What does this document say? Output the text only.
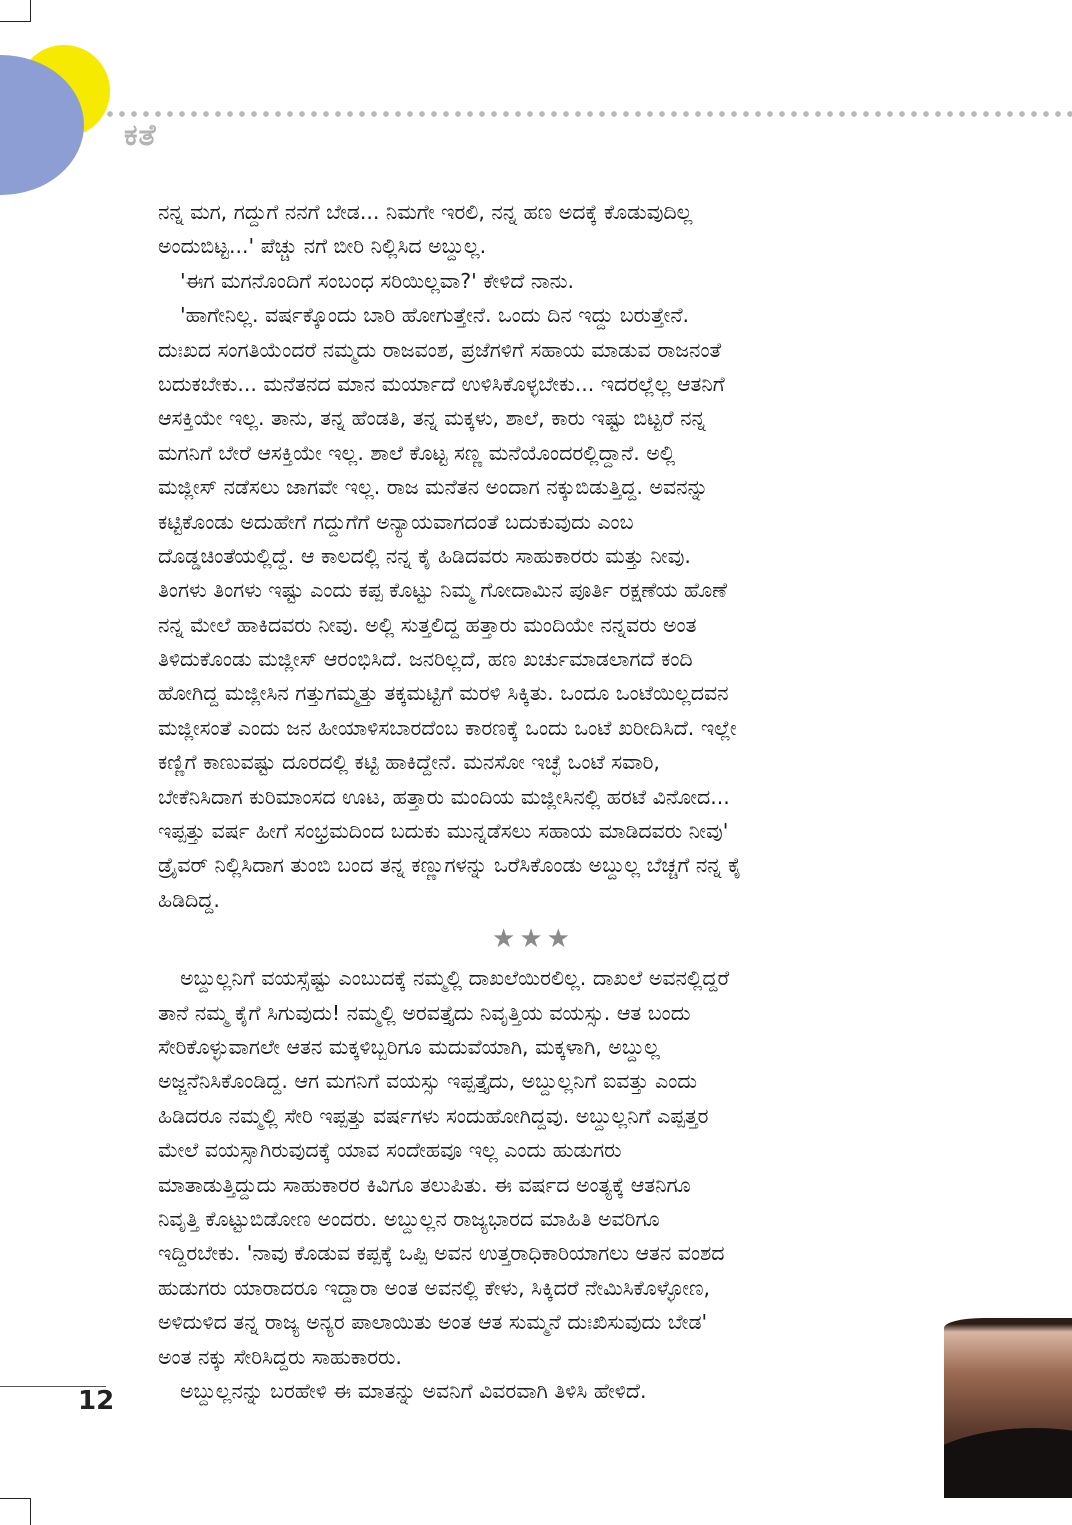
ಕತೆ
ನನ್ನ ಮಗ, ಗದ್ದುಗೆ ನನಗೆ ಬೇಡ... ನಿಮಗೇ ಇರಲಿ, ನನ್ನ ಹಣ ಅದಕ್ಕೆ ಕೊಡುವುದಿಲ್ಲ
ಅಂದುಬಿಟ್ಟ...' ಪೆಚ್ಚು ನಗೆ ಬೀರಿ ನಿಲ್ಲಿಸಿದ ಅಬ್ದುಲ್ಲ.
'ಈಗ ಮಗನೊಂದಿಗೆ ಸಂಬಂಧ ಸರಿಯಿಲ್ಲವಾ?' ಕೇಳಿದೆ ನಾನು.
'ಹಾಗೇನಿಲ್ಲ. ವರ್ಷಕ್ಕೊಂದು ಬಾರಿ ಹೋಗುತ್ತೇನೆ. ಒಂದು ದಿನ ಇದ್ದು ಬರುತ್ತೇನೆ.
ದುಃಖದ ಸಂಗತಿಯೆಂದರೆ ನಮ್ಮದು ರಾಜವಂಶ, ಪ್ರಜೆಗಳಿಗೆ ಸಹಾಯ ಮಾಡುವ ರಾಜನಂತೆ
ಬದುಕಬೇಕು... ಮನೆತನದ ಮಾನ ಮರ್ಯಾದೆ ಉಳಿಸಿಕೊಳ್ಳಬೇಕು... ಇದರಲ್ಲೆಲ್ಲ ಆತನಿಗೆ
ಆಸಕ್ತಿಯೇ ಇಲ್ಲ. ತಾನು, ತನ್ನ ಹೆಂಡತಿ, ತನ್ನ ಮಕ್ಕಳು, ಶಾಲೆ, ಕಾರು ಇಷ್ಟು ಬಿಟ್ಟರೆ ನನ್ನ
ಮಗನಿಗೆ ಬೇರೆ ಆಸಕ್ತಿಯೇ ಇಲ್ಲ. ಶಾಲೆ ಕೊಟ್ಟ ಸಣ್ಣ ಮನೆಯೊಂದರಲ್ಲಿದ್ದಾನೆ. ಅಲ್ಲಿ
ಮಜ್ಲೀಸ್ ನಡೆಸಲು ಜಾಗವೇ ಇಲ್ಲ. ರಾಜ ಮನೆತನ ಅಂದಾಗ ನಕ್ಕುಬಿಡುತ್ತಿದ್ದ. ಅವನನ್ನು
ಕಟ್ಟಿಕೊಂಡು ಅದುಹೇಗೆ ಗದ್ದುಗೆಗೆ ಅನ್ಯಾಯವಾಗದಂತೆ ಬದುಕುವುದು ಎಂಬ
ದೊಡ್ಡಚಿಂತೆಯಲ್ಲಿದ್ದೆ. ಆ ಕಾಲದಲ್ಲಿ ನನ್ನ ಕೈ ಹಿಡಿದವರು ಸಾಹುಕಾರರು ಮತ್ತು ನೀವು.
ತಿಂಗಳು ತಿಂಗಳು ಇಷ್ಟು ಎಂದು ಕಪ್ಪ ಕೊಟ್ಟು ನಿಮ್ಮ ಗೋದಾಮಿನ ಪೂರ್ತಿ ರಕ್ಷಣೆಯ ಹೊಣೆ
ನನ್ನ ಮೇಲೆ ಹಾಕಿದವರು ನೀವು. ಅಲ್ಲಿ ಸುತ್ತಲಿದ್ದ ಹತ್ತಾರು ಮಂದಿಯೇ ನನ್ನವರು ಅಂತ
ತಿಳಿದುಕೊಂಡು ಮಜ್ಲೀಸ್ ಆರಂಭಿಸಿದೆ. ಜನರಿಲ್ಲದೆ, ಹಣ ಖರ್ಚುಮಾಡಲಾಗದೆ ಕಂದಿ
ಹೋಗಿದ್ದ ಮಜ್ಲೀಸಿನ ಗತ್ತುಗಮ್ಮತ್ತು ತಕ್ಕಮಟ್ಟಿಗೆ ಮರಳಿ ಸಿಕ್ಕಿತು. ಒಂದೂ ಒಂಟೆಯಿಲ್ಲದವನ
ಮಜ್ಲೀಸಂತೆ ಎಂದು ಜನ ಹೀಯಾಳಿಸಬಾರದೆಂಬ ಕಾರಣಕ್ಕೆ ಒಂದು ಒಂಟೆ ಖರೀದಿಸಿದೆ. ಇಲ್ಲೇ
ಕಣ್ಣಿಗೆ ಕಾಣುವಷ್ಟು ದೂರದಲ್ಲಿ ಕಟ್ಟಿ ಹಾಕಿದ್ದೇನೆ. ಮನಸೋ ಇಚ್ಛೆ ಒಂಟೆ ಸವಾರಿ,
ಬೇಕೆನಿಸಿದಾಗ ಕುರಿಮಾಂಸದ ಊಟ, ಹತ್ತಾರು ಮಂದಿಯ ಮಜ್ಲೀಸಿನಲ್ಲಿ ಹರಟೆ ವಿನೋದ...
ಇಪ್ಪತ್ತು ವರ್ಷ ಹೀಗೆ ಸಂಭ್ರಮದಿಂದ ಬದುಕು ಮುನ್ನಡೆಸಲು ಸಹಾಯ ಮಾಡಿದವರು ನೀವು'
ಡ್ರೈವರ್ ನಿಲ್ಲಿಸಿದಾಗ ತುಂಬಿ ಬಂದ ತನ್ನ ಕಣ್ಣುಗಳನ್ನು ಒರೆಸಿಕೊಂಡು ಅಬ್ದುಲ್ಲ ಬೆಚ್ಚಗೆ ನನ್ನ ಕೈ
ಹಿಡಿದಿದ್ದ.
★★★
ಅಬ್ದುಲ್ಲನಿಗೆ ವಯಸ್ಸೆಷ್ಟು ಎಂಬುದಕ್ಕೆ ನಮ್ಮಲ್ಲಿ ದಾಖಲೆಯಿರಲಿಲ್ಲ. ದಾಖಲೆ ಅವನಲ್ಲಿದ್ದರೆ
ತಾನೆ ನಮ್ಮ ಕೈಗೆ ಸಿಗುವುದು! ನಮ್ಮಲ್ಲಿ ಅರವತ್ತೈದು ನಿವೃತ್ತಿಯ ವಯಸ್ಸು. ಆತ ಬಂದು
ಸೇರಿಕೊಳ್ಳುವಾಗಲೇ ಆತನ ಮಕ್ಕಳಿಬ್ಬರಿಗೂ ಮದುವೆಯಾಗಿ, ಮಕ್ಕಳಾಗಿ, ಅಬ್ದುಲ್ಲ
ಅಜ್ಜನೆನಿಸಿಕೊಂಡಿದ್ದ. ಆಗ ಮಗನಿಗೆ ವಯಸ್ಸು ಇಪ್ಪತ್ತೈದು, ಅಬ್ದುಲ್ಲನಿಗೆ ಐವತ್ತು ಎಂದು
ಹಿಡಿದರೂ ನಮ್ಮಲ್ಲಿ ಸೇರಿ ಇಪ್ಪತ್ತು ವರ್ಷಗಳು ಸಂದುಹೋಗಿದ್ದವು. ಅಬ್ದುಲ್ಲನಿಗೆ ಎಪ್ಪತ್ತರ
ಮೇಲೆ ವಯಸ್ಸಾಗಿರುವುದಕ್ಕೆ ಯಾವ ಸಂದೇಹವೂ ಇಲ್ಲ ಎಂದು ಹುಡುಗರು
ಮಾತಾಡುತ್ತಿದ್ದುದು ಸಾಹುಕಾರರ ಕಿವಿಗೂ ತಲುಪಿತು. ಈ ವರ್ಷದ ಅಂತ್ಯಕ್ಕೆ ಆತನಿಗೂ
ನಿವೃತ್ತಿ ಕೊಟ್ಟುಬಿಡೋಣ ಅಂದರು. ಅಬ್ದುಲ್ಲನ ರಾಜ್ಯಭಾರದ ಮಾಹಿತಿ ಅವರಿಗೂ
ಇದ್ದಿರಬೇಕು. 'ನಾವು ಕೊಡುವ ಕಪ್ಪಕ್ಕೆ ಒಪ್ಪಿ ಅವನ ಉತ್ತರಾಧಿಕಾರಿಯಾಗಲು ಆತನ ವಂಶದ
ಹುಡುಗರು ಯಾರಾದರೂ ಇದ್ದಾರಾ ಅಂತ ಅವನಲ್ಲಿ ಕೇಳು, ಸಿಕ್ಕಿದರೆ ನೇಮಿಸಿಕೊಳ್ಳೋಣ,
ಅಳಿದುಳಿದ ತನ್ನ ರಾಜ್ಯ ಅನ್ಯರ ಪಾಲಾಯಿತು ಅಂತ ಆತ ಸುಮ್ಮನೆ ದುಃಖಿಸುವುದು ಬೇಡ'
ಅಂತ ನಕ್ಕು ಸೇರಿಸಿದ್ದರು ಸಾಹುಕಾರರು.
ಅಬ್ದುಲ್ಲನನ್ನು ಬರಹೇಳಿ ಈ ಮಾತನ್ನು ಅವನಿಗೆ ವಿವರವಾಗಿ ತಿಳಿಸಿ ಹೇಳಿದೆ.
12
